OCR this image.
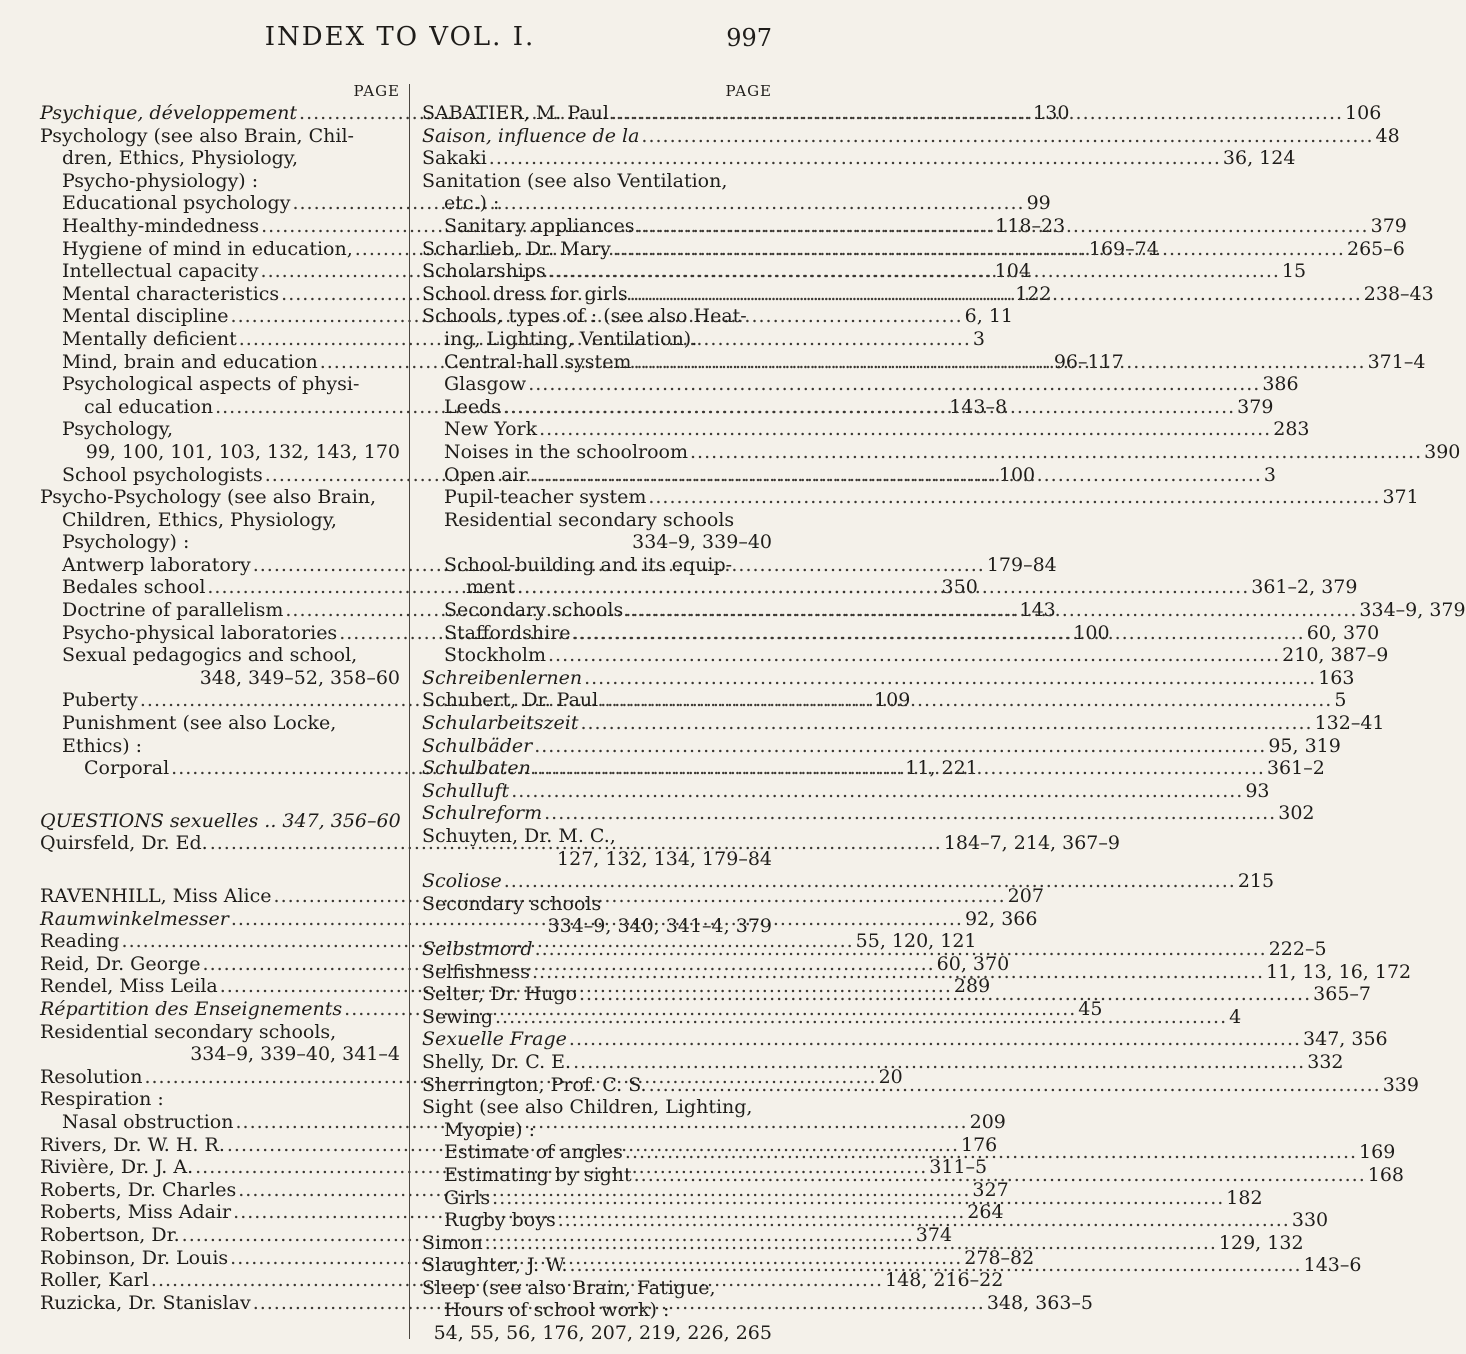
INDEX TO VOL. I.	997
PAGE
Psychique, développement .....	130
Psychology (see also Brain, Chil-
dren, Ethics, Physiology,
Psycho-physiology) :
Educational psychology .....	99
Healthy-mindedness .....	118–23
Hygiene of mind in education, .....	169–74
Intellectual capacity .....	104
Mental characteristics .....	122
Mental discipline .....	6, 11
Mentally deficient .....	3
Mind, brain and education .....	96–117
Psychological aspects of physi-
cal education .....	143–8
Psychology,
99, 100, 101, 103, 132, 143, 170
School psychologists .....	100
Psycho-Psychology (see also Brain,
Children, Ethics, Physiology,
Psychology) :
Antwerp laboratory .....	179–84
Bedales school .....	350
Doctrine of parallelism .....	143
Psycho-physical laboratories .....	100
Sexual pedagogics and school,
348, 349–52, 358–60
Puberty .....	109
Punishment (see also Locke,
Ethics) :
Corporal .....	11, 221
QUESTIONS sexuelles .. 347, 356–60
Quirsfeld, Dr. Ed. .....	184–7, 214, 367–9
RAVENHILL, Miss Alice .....	207
Raumwinkelmesser .....	92, 366
Reading .....	55, 120, 121
Reid, Dr. George .....	60, 370
Rendel, Miss Leila .....	289
Répartition des Enseignements .....	45
Residential secondary schools,
334–9, 339–40, 341–4
Resolution .....	20
Respiration :
Nasal obstruction .....	209
Rivers, Dr. W. H. R. .....	176
Rivière, Dr. J. A. .....	311–5
Roberts, Dr. Charles .....	327
Roberts, Miss Adair .....	264
Robertson, Dr. .....	374
Robinson, Dr. Louis .....	278–82
Roller, Karl .....	148, 216–22
Ruzicka, Dr. Stanislav .....	348, 363–5
PAGE
SABATIER, M. Paul .....	106
Saison, influence de la .....	48
Sakaki .....	36, 124
Sanitation (see also Ventilation,
etc.) :
Sanitary appliances .....	379
Scharlieb, Dr. Mary .....	265–6
Scholarships .....	15
School dress for girls .....	238–43
Schools, types of : (see also Heat-
ing, Lighting, Ventilation).
Central-hall system .....	371–4
Glasgow .....	386
Leeds .....	379
New York .....	283
Noises in the schoolroom .....	390
Open air .....	3
Pupil-teacher system .....	371
Residential secondary schools
334–9, 339–40
School-building and its equip-
ment .....	361–2, 379
Secondary schools .....	334–9, 379
Staffordshire .....	60, 370
Stockholm .....	210, 387–9
Schreibenlernen .....	163
Schubert, Dr. Paul .....	5
Schularbeitszeit .....	132–41
Schulbäder .....	95, 319
Schulbaten .....	361–2
Schulluft .....	93
Schulreform .....	302
Schuyten, Dr. M. C.,
127, 132, 134, 179–84
Scoliose .....	215
Secondary schools
334–9, 340, 341–4, 379
Selbstmord .....	222–5
Selfishness .....	11, 13, 16, 172
Selter, Dr. Hugo .....	365–7
Sewing .....	4
Sexuelle Frage .....	347, 356
Shelly, Dr. C. E. .....	332
Sherrington, Prof. C. S. .....	339
Sight (see also Children, Lighting,
Myopie) :
Estimate of angles .....	169
Estimating by sight .....	168
Girls .....	182
Rugby boys .....	330
Simon .....	129, 132
Slaughter, J. W. .....	143–6
Sleep (see also Brain, Fatigue,
Hours of school work) :
54, 55, 56, 176, 207, 219, 226, 265
